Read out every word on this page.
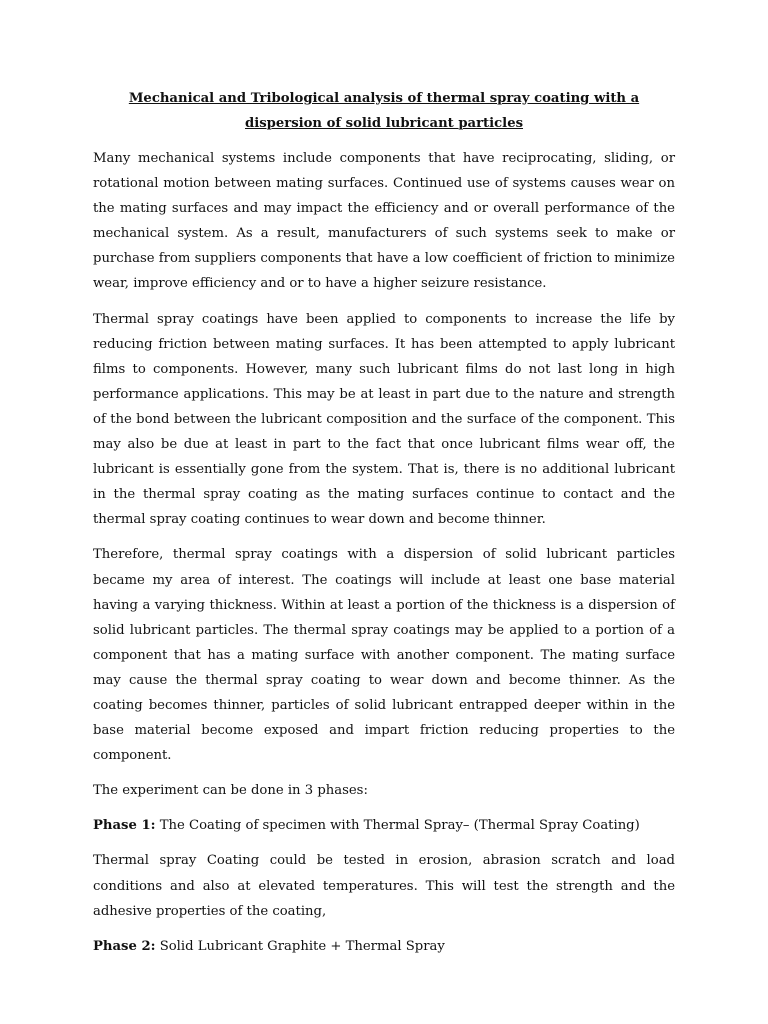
Mechanical and Tribological analysis of thermal spray coating with a dispersion of solid lubricant particles

Many mechanical systems include components that have reciprocating, sliding, or rotational motion between mating surfaces. Continued use of systems causes wear on the mating surfaces and may impact the efficiency and or overall performance of the mechanical system. As a result, manufacturers of such systems seek to make or purchase from suppliers components that have a low coefficient of friction to minimize wear, improve efficiency and or to have a higher seizure resistance.

Thermal spray coatings have been applied to components to increase the life by reducing friction between mating surfaces. It has been attempted to apply lubricant films to components. However, many such lubricant films do not last long in high performance applications. This may be at least in part due to the nature and strength of the bond between the lubricant composition and the surface of the component. This may also be due at least in part to the fact that once lubricant films wear off, the lubricant is essentially gone from the system. That is, there is no additional lubricant in the thermal spray coating as the mating surfaces continue to contact and the thermal spray coating continues to wear down and become thinner.

Therefore, thermal spray coatings with a dispersion of solid lubricant particles became my area of interest. The coatings will include at least one base material having a varying thickness. Within at least a portion of the thickness is a dispersion of solid lubricant particles. The thermal spray coatings may be applied to a portion of a component that has a mating surface with another component. The mating surface may cause the thermal spray coating to wear down and become thinner. As the coating becomes thinner, particles of solid lubricant entrapped deeper within in the base material become exposed and impart friction reducing properties to the component.

The experiment can be done in 3 phases:

Phase 1: The Coating of specimen with Thermal Spray– (Thermal Spray Coating)

Thermal spray Coating could be tested in erosion, abrasion scratch and load conditions and also at elevated temperatures. This will test the strength and the adhesive properties of the coating,

Phase 2: Solid Lubricant Graphite + Thermal Spray
